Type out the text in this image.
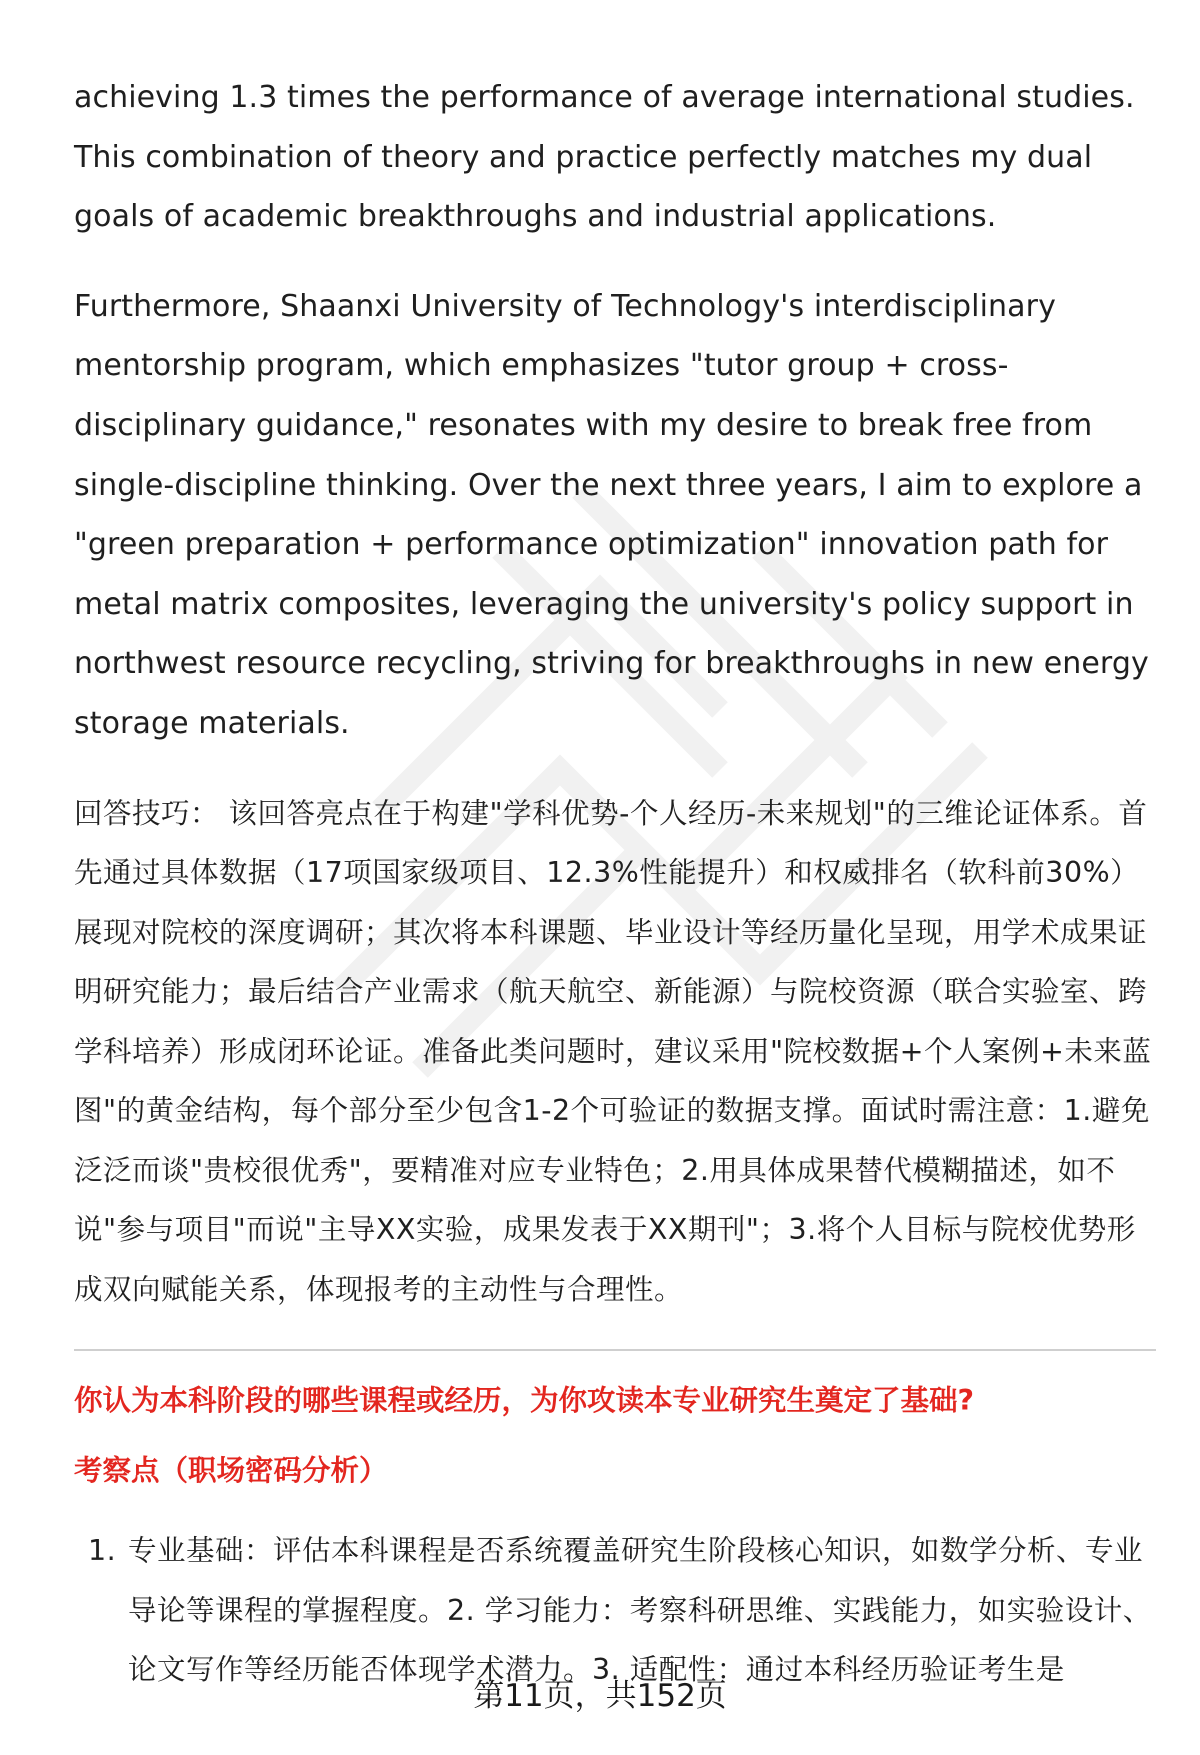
achieving 1.3 times the performance of average international studies. This combination of theory and practice perfectly matches my dual goals of academic breakthroughs and industrial applications.

Furthermore, Shaanxi University of Technology's interdisciplinary mentorship program, which emphasizes "tutor group + cross-disciplinary guidance," resonates with my desire to break free from single-discipline thinking. Over the next three years, I aim to explore a "green preparation + performance optimization" innovation path for metal matrix composites, leveraging the university's policy support in northwest resource recycling, striving for breakthroughs in new energy storage materials.

回答技巧： 该回答亮点在于构建"学科优势-个人经历-未来规划"的三维论证体系。首先通过具体数据（17项国家级项目、12.3%性能提升）和权威排名（软科前30%）展现对院校的深度调研；其次将本科课题、毕业设计等经历量化呈现，用学术成果证明研究能力；最后结合产业需求（航天航空、新能源）与院校资源（联合实验室、跨学科培养）形成闭环论证。准备此类问题时，建议采用"院校数据+个人案例+未来蓝图"的黄金结构，每个部分至少包含1-2个可验证的数据支撑。面试时需注意：1.避免泛泛而谈"贵校很优秀"，要精准对应专业特色；2.用具体成果替代模糊描述，如不说"参与项目"而说"主导XX实验，成果发表于XX期刊"；3.将个人目标与院校优势形成双向赋能关系，体现报考的主动性与合理性。

你认为本科阶段的哪些课程或经历，为你攻读本专业研究生奠定了基础?
考察点（职场密码分析）
1. 专业基础：评估本科课程是否系统覆盖研究生阶段核心知识，如数学分析、专业导论等课程的掌握程度。2. 学习能力：考察科研思维、实践能力，如实验设计、论文写作等经历能否体现学术潜力。3. 适配性：通过本科经历验证考生是
第11页，共152页
